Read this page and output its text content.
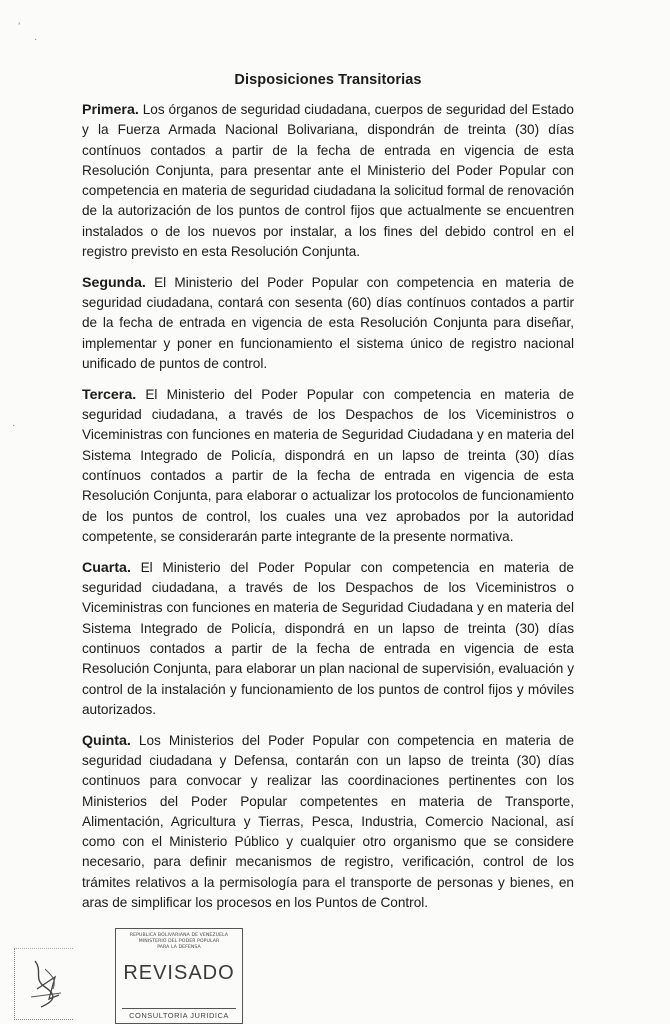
Disposiciones Transitorias

Primera. Los órganos de seguridad ciudadana, cuerpos de seguridad del Estado y la Fuerza Armada Nacional Bolivariana, dispondrán de treinta (30) días contínuos contados a partir de la fecha de entrada en vigencia de esta Resolución Conjunta, para presentar ante el Ministerio del Poder Popular con competencia en materia de seguridad ciudadana la solicitud formal de renovación de la autorización de los puntos de control fijos que actualmente se encuentren instalados o de los nuevos por instalar, a los fines del debido control en el registro previsto en esta Resolución Conjunta.

Segunda. El Ministerio del Poder Popular con competencia en materia de seguridad ciudadana, contará con sesenta (60) días contínuos contados a partir de la fecha de entrada en vigencia de esta Resolución Conjunta para diseñar, implementar y poner en funcionamiento el sistema único de registro nacional unificado de puntos de control.

Tercera. El Ministerio del Poder Popular con competencia en materia de seguridad ciudadana, a través de los Despachos de los Viceministros o Viceministras con funciones en materia de Seguridad Ciudadana y en materia del Sistema Integrado de Policía, dispondrá en un lapso de treinta (30) días contínuos contados a partir de la fecha de entrada en vigencia de esta Resolución Conjunta, para elaborar o actualizar los protocolos de funcionamiento de los puntos de control, los cuales una vez aprobados por la autoridad competente, se considerarán parte integrante de la presente normativa.

Cuarta. El Ministerio del Poder Popular con competencia en materia de seguridad ciudadana, a través de los Despachos de los Viceministros o Viceministras con funciones en materia de Seguridad Ciudadana y en materia del Sistema Integrado de Policía, dispondrá en un lapso de treinta (30) días continuos contados a partir de la fecha de entrada en vigencia de esta Resolución Conjunta, para elaborar un plan nacional de supervisión, evaluación y control de la instalación y funcionamiento de los puntos de control fijos y móviles autorizados.

Quinta. Los Ministerios del Poder Popular con competencia en materia de seguridad ciudadana y Defensa, contarán con un lapso de treinta (30) días continuos para convocar y realizar las coordinaciones pertinentes con los Ministerios del Poder Popular competentes en materia de Transporte, Alimentación, Agricultura y Tierras, Pesca, Industria, Comercio Nacional, así como con el Ministerio Público y cualquier otro organismo que se considere necesario, para definir mecanismos de registro, verificación, control de los trámites relativos a la permisología para el transporte de personas y bienes, en aras de simplificar los procesos en los Puntos de Control.

REPUBLICA BOLIVARIANA DE VENEZUELA
MINISTERIO DEL PODER POPULAR
PARA LA DEFENSA
REVISADO
CONSULTORIA JURIDICA
ʼ
·
·
